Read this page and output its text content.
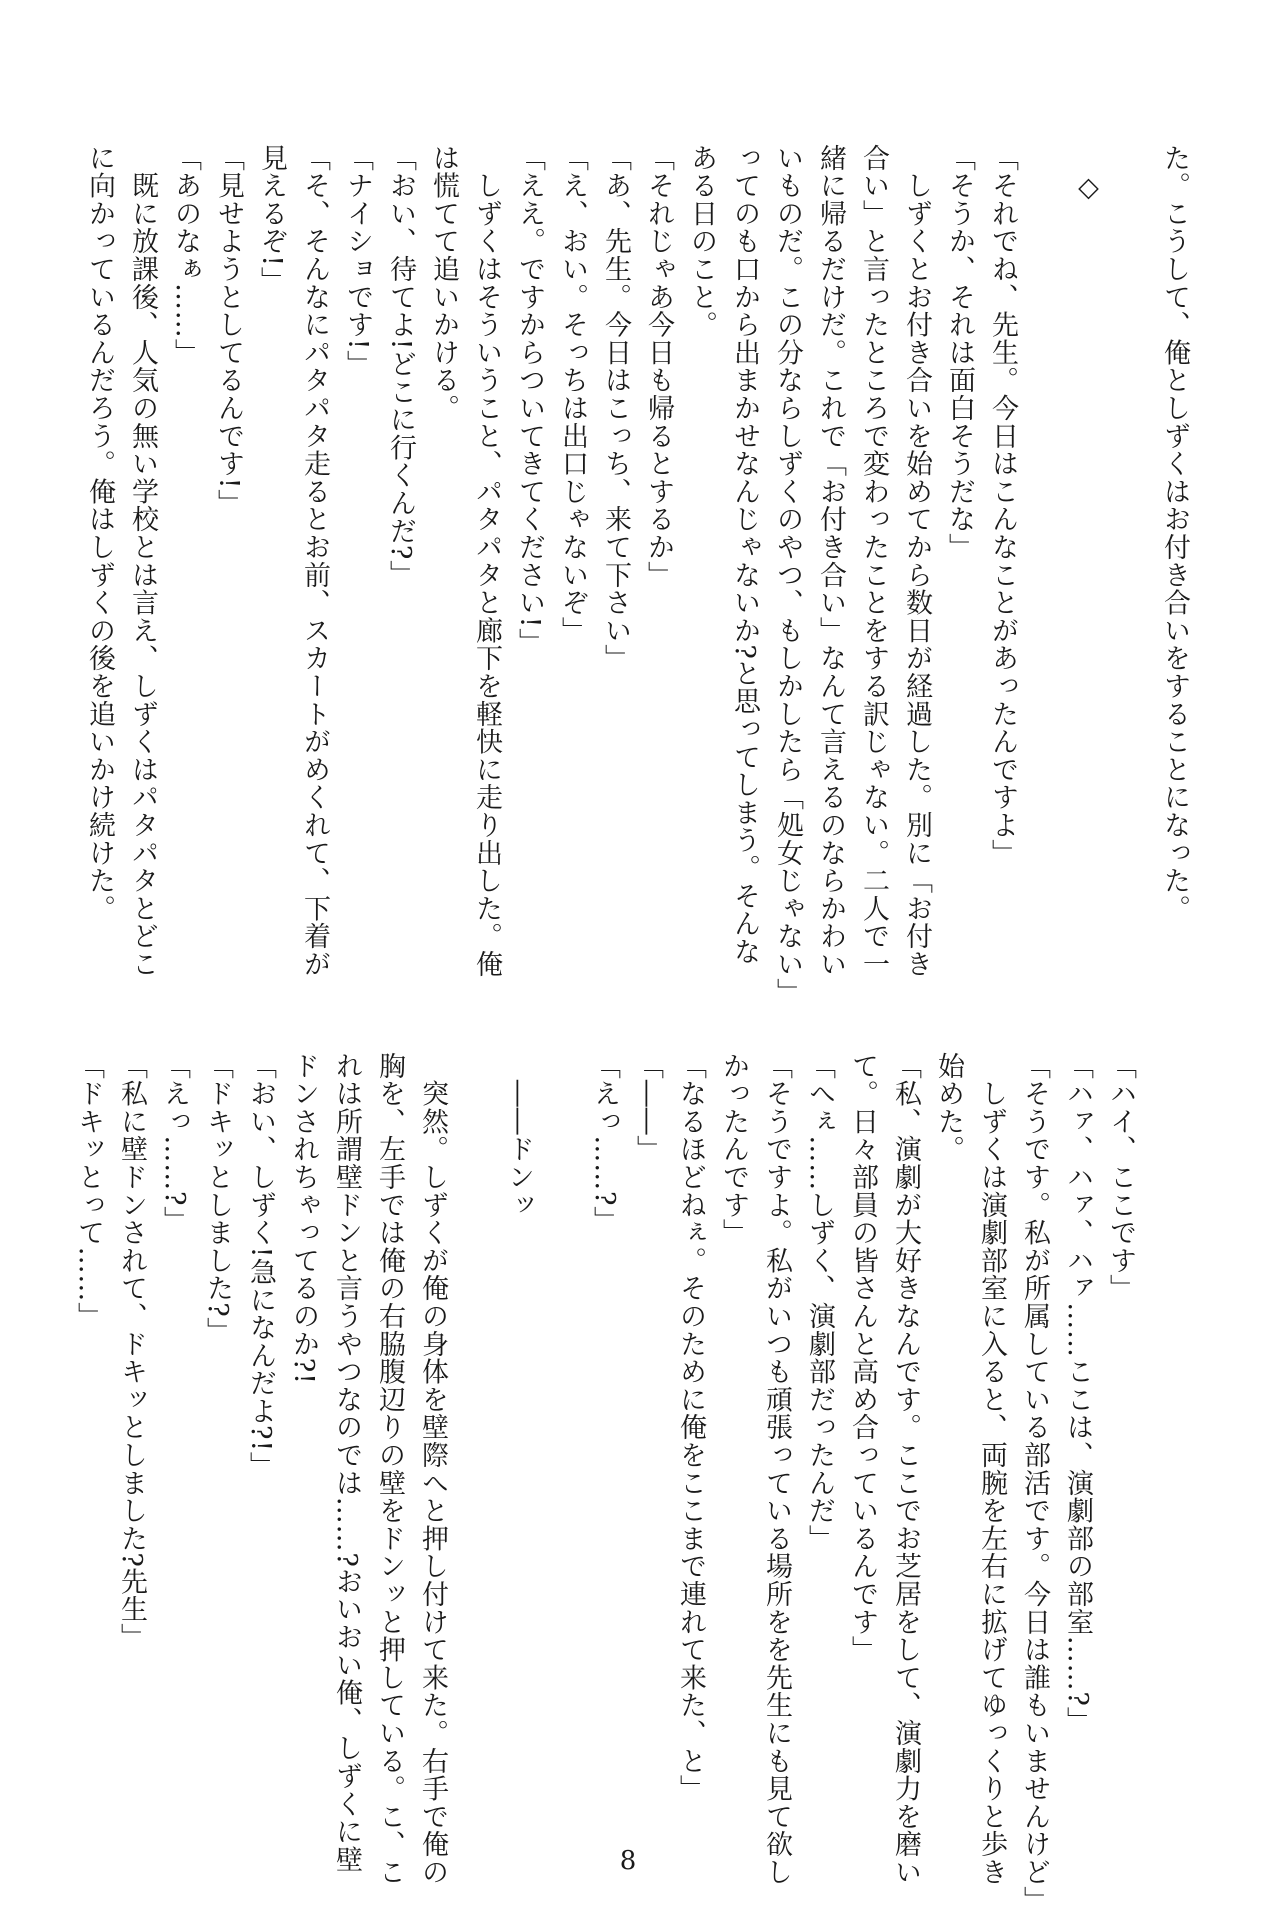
た。こうして、俺としずくはお付き合いをすることになった。
　◇
「それでね、先生。今日はこんなことがあったんですよ」
「そうか、それは面白そうだな」
　しずくとお付き合いを始めてから数日が経過した。別に「お付き
合い」と言ったところで変わったことをする訳じゃない。二人で一
緒に帰るだけだ。これで「お付き合い」なんて言えるのならかわい
いものだ。この分ならしずくのやつ、もしかしたら「処女じゃない」
ってのも口から出まかせなんじゃないか?と思ってしまう。そんな
ある日のこと。
「それじゃあ今日も帰るとするか」
「あ、先生。今日はこっち、来て下さい」
「え、おい。そっちは出口じゃないぞ」
「ええ。ですからついてきてください!」
　しずくはそういうこと、パタパタと廊下を軽快に走り出した。俺
は慌てて追いかける。
「おい、待てよ!どこに行くんだ?」
「ナイショです!」
「そ、そんなにパタパタ走るとお前、スカートがめくれて、下着が
見えるぞ!」
「見せようとしてるんです!」
「あのなぁ……」
　既に放課後、人気の無い学校とは言え、しずくはパタパタとどこ
に向かっているんだろう。俺はしずくの後を追いかけ続けた。
「ハイ、ここです」
「ハァ、ハァ、ハァ……ここは、演劇部の部室……?」
「そうです。私が所属している部活です。今日は誰もいませんけど」
　しずくは演劇部室に入ると、両腕を左右に拡げてゆっくりと歩き
始めた。
「私、演劇が大好きなんです。ここでお芝居をして、演劇力を磨い
て。日々部員の皆さんと高め合っているんです」
「へぇ……しずく、演劇部だったんだ」
「そうですよ。私がいつも頑張っている場所をを先生にも見て欲し
かったんです」
「なるほどねぇ。そのために俺をここまで連れて来た、と」
「――」
「えっ……?」
　――ドンッ
　突然。しずくが俺の身体を壁際へと押し付けて来た。右手で俺の
胸を、左手では俺の右脇腹辺りの壁をドンッと押している。こ、こ
れは所謂壁ドンと言うやつなのでは……?おいおい俺、しずくに壁
ドンされちゃってるのか?!
「おい、しずく!急になんだよ?!」
「ドキッとしました?」
「えっ……?」
「私に壁ドンされて、ドキッとしました?先生」
「ドキッとって……」
8
